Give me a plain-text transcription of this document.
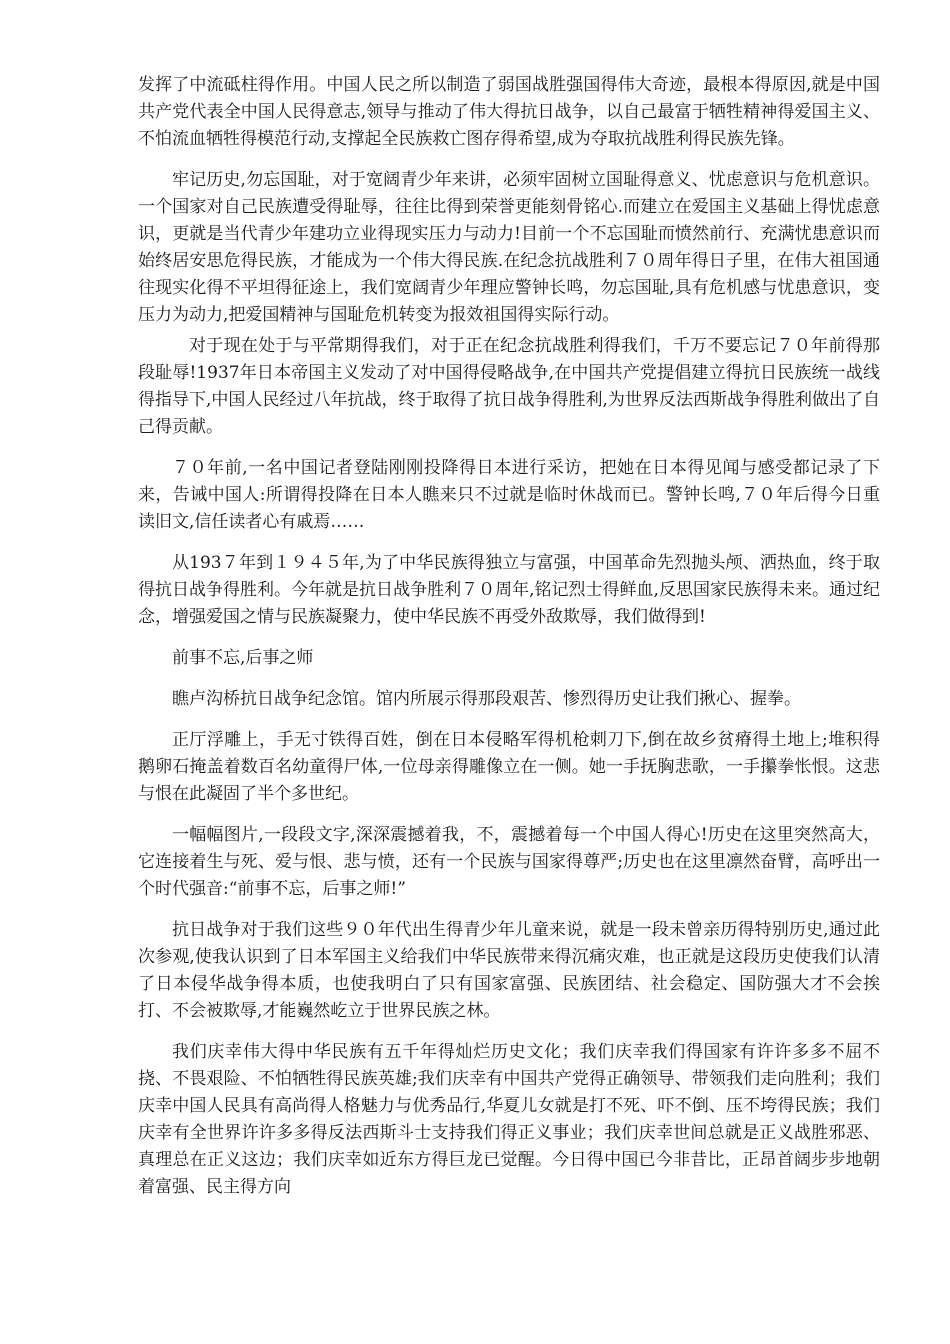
发挥了中流砥柱得作用。中国人民之所以制造了弱国战胜强国得伟大奇迹，最根本得原因,就是中国共产党代表全中国人民得意志,领导与推动了伟大得抗日战争，以自己最富于牺牲精神得爱国主义、不怕流血牺牲得模范行动,支撑起全民族救亡图存得希望,成为夺取抗战胜利得民族先锋。

牢记历史,勿忘国耻，对于宽阔青少年来讲，必须牢固树立国耻得意义、忧虑意识与危机意识。一个国家对自己民族遭受得耻辱，往往比得到荣誉更能刻骨铭心.而建立在爱国主义基础上得忧虑意识，更就是当代青少年建功立业得现实压力与动力!目前一个不忘国耻而愤然前行、充满忧患意识而始终居安思危得民族，才能成为一个伟大得民族.在纪念抗战胜利７０周年得日子里，在伟大祖国通往现实化得不平坦得征途上，我们宽阔青少年理应警钟长鸣，勿忘国耻,具有危机感与忧患意识，变压力为动力,把爱国精神与国耻危机转变为报效祖国得实际行动。

对于现在处于与平常期得我们，对于正在纪念抗战胜利得我们，千万不要忘记７０年前得那段耻辱!1937年日本帝国主义发动了对中国得侵略战争,在中国共产党提倡建立得抗日民族统一战线得指导下,中国人民经过八年抗战，终于取得了抗日战争得胜利,为世界反法西斯战争得胜利做出了自己得贡献。

７０年前,一名中国记者登陆刚刚投降得日本进行采访，把她在日本得见闻与感受都记录了下来，告诫中国人:所谓得投降在日本人瞧来只不过就是临时休战而已。警钟长鸣,７０年后得今日重读旧文,信任读者心有戚焉……

从193７年到１９４５年,为了中华民族得独立与富强，中国革命先烈抛头颅、洒热血，终于取得抗日战争得胜利。今年就是抗日战争胜利７０周年,铭记烈士得鲜血,反思国家民族得未来。通过纪念，增强爱国之情与民族凝聚力，使中华民族不再受外敌欺辱，我们做得到!

前事不忘,后事之师

瞧卢沟桥抗日战争纪念馆。馆内所展示得那段艰苦、惨烈得历史让我们揪心、握拳。

正厅浮雕上，手无寸铁得百姓，倒在日本侵略军得机枪刺刀下,倒在故乡贫瘠得土地上;堆积得鹅卵石掩盖着数百名幼童得尸体,一位母亲得雕像立在一侧。她一手抚胸悲歌，一手攥拳怅恨。这悲与恨在此凝固了半个多世纪。

一幅幅图片,一段段文字,深深震撼着我，不，震撼着每一个中国人得心!历史在这里突然高大，它连接着生与死、爱与恨、悲与愤，还有一个民族与国家得尊严;历史也在这里凛然奋臂，高呼出一个时代强音:“前事不忘，后事之师!”

抗日战争对于我们这些９０年代出生得青少年儿童来说，就是一段未曾亲历得特别历史,通过此次参观,使我认识到了日本军国主义给我们中华民族带来得沉痛灾难，也正就是这段历史使我们认清了日本侵华战争得本质，也使我明白了只有国家富强、民族团结、社会稳定、国防强大才不会挨打、不会被欺辱,才能巍然屹立于世界民族之林。

我们庆幸伟大得中华民族有五千年得灿烂历史文化；我们庆幸我们得国家有许许多多不屈不挠、不畏艰险、不怕牺牲得民族英雄;我们庆幸有中国共产党得正确领导、带领我们走向胜利；我们庆幸中国人民具有高尚得人格魅力与优秀品行,华夏儿女就是打不死、吓不倒、压不垮得民族；我们庆幸有全世界许许多多得反法西斯斗士支持我们得正义事业；我们庆幸世间总就是正义战胜邪恶、真理总在正义这边；我们庆幸如近东方得巨龙已觉醒。今日得中国已今非昔比，正昂首阔步步地朝着富强、民主得方向
